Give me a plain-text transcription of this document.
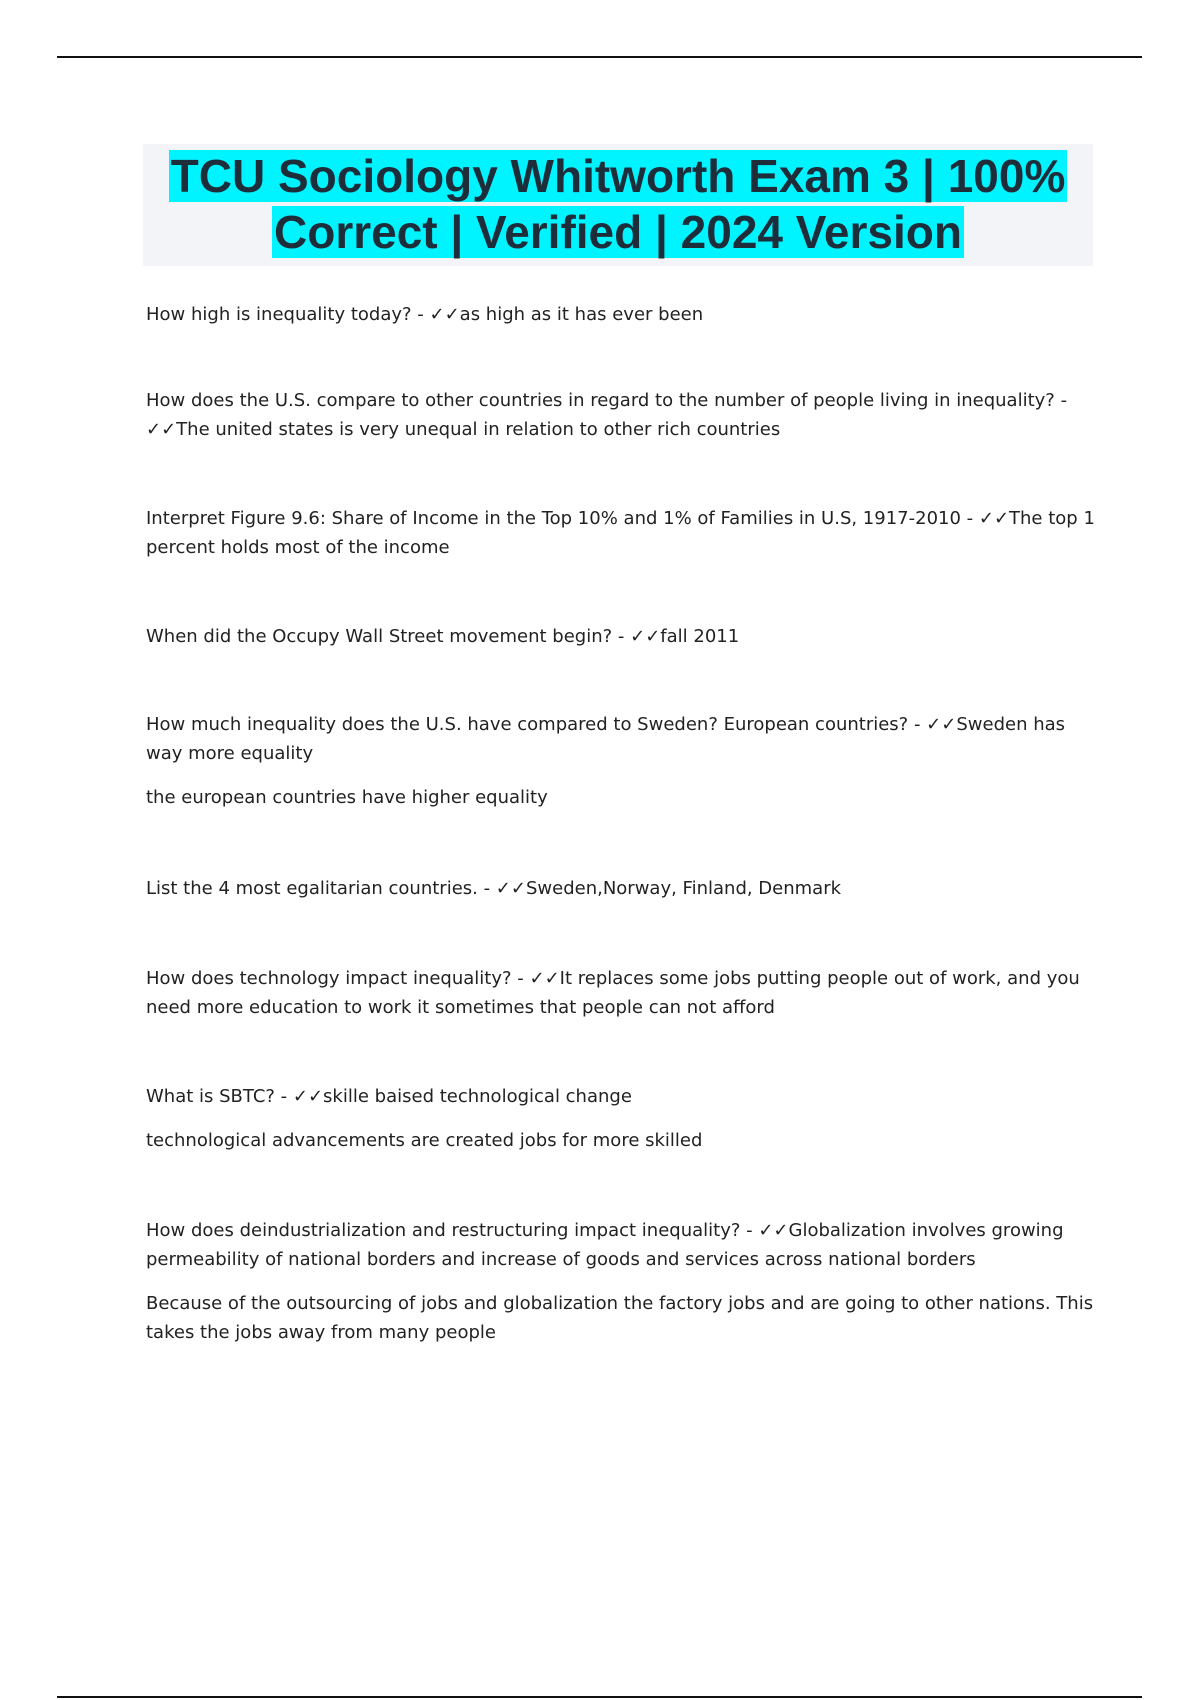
TCU Sociology Whitworth Exam 3 | 100%
Correct | Verified | 2024 Version

How high is inequality today? - ✓✓as high as it has ever been

How does the U.S. compare to other countries in regard to the number of people living in inequality? - ✓✓The united states is very unequal in relation to other rich countries

Interpret Figure 9.6: Share of Income in the Top 10% and 1% of Families in U.S, 1917-2010 - ✓✓The top 1 percent holds most of the income

When did the Occupy Wall Street movement begin? - ✓✓fall 2011

How much inequality does the U.S. have compared to Sweden? European countries? - ✓✓Sweden has way more equality

the european countries have higher equality

List the 4 most egalitarian countries. - ✓✓Sweden,Norway, Finland, Denmark

How does technology impact inequality? - ✓✓It replaces some jobs putting people out of work, and you need more education to work it sometimes that people can not afford

What is SBTC? - ✓✓skille baised technological change

technological advancements are created jobs for more skilled

How does deindustrialization and restructuring impact inequality? - ✓✓Globalization involves growing permeability of national borders and increase of goods and services across national borders

Because of the outsourcing of jobs and globalization the factory jobs and are going to other nations. This takes the jobs away from many people
